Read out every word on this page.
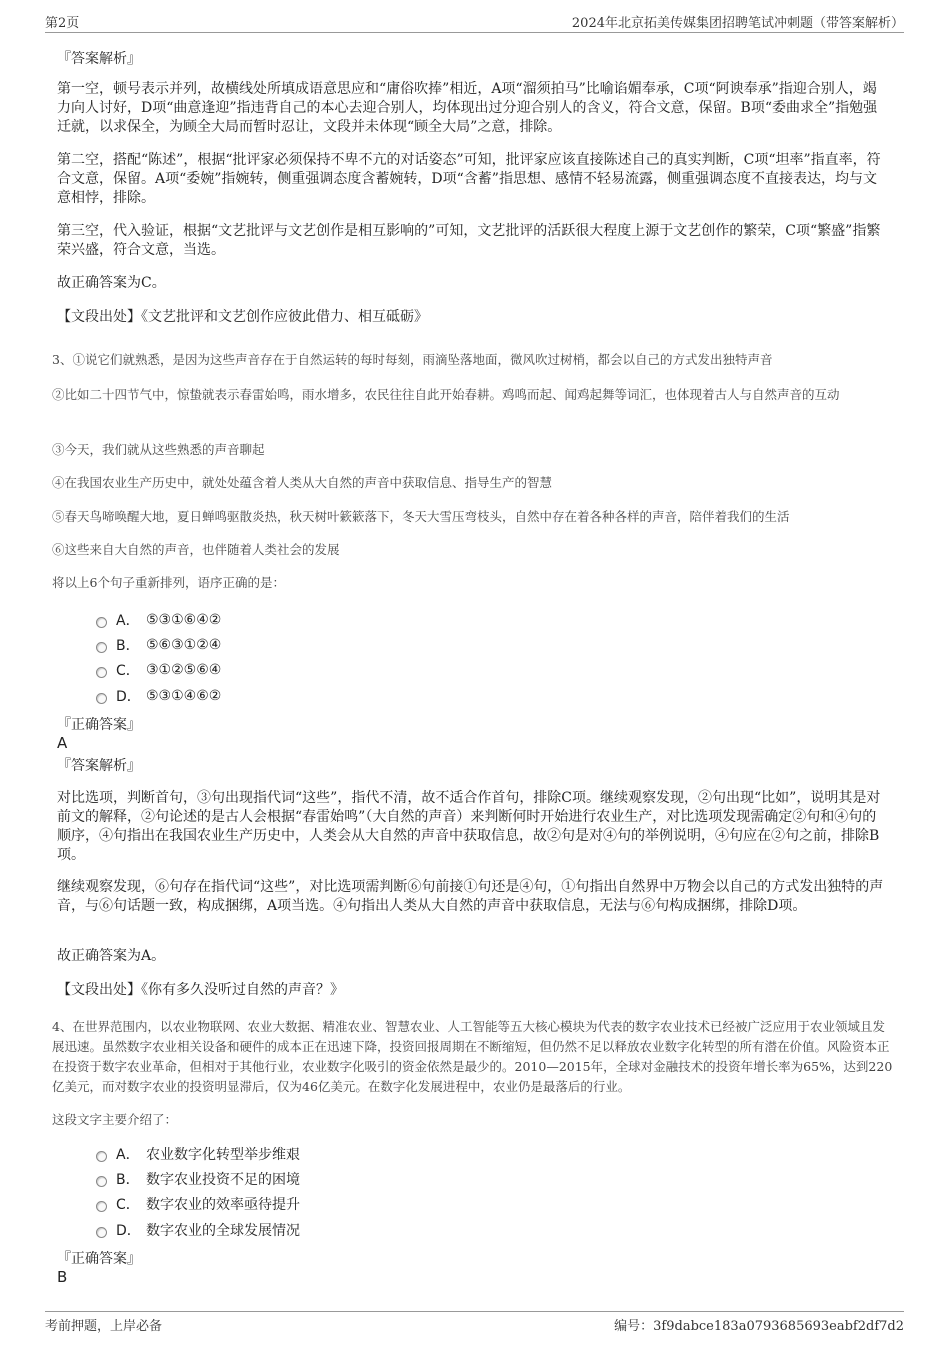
第2页	2024年北京拓美传媒集团招聘笔试冲刺题（带答案解析）
『答案解析』
第一空，顿号表示并列，故横线处所填成语意思应和“庸俗吹捧”相近，A项“溜须拍马”比喻谄媚奉承，C项“阿谀奉承”指迎合别人，竭力向人讨好，D项“曲意逢迎”指违背自己的本心去迎合别人，均体现出过分迎合别人的含义，符合文意，保留。B项“委曲求全”指勉强迁就，以求保全，为顾全大局而暂时忍让，文段并未体现“顾全大局”之意，排除。
第二空，搭配“陈述”，根据“批评家必须保持不卑不亢的对话姿态”可知，批评家应该直接陈述自己的真实判断，C项“坦率”指直率，符合文意，保留。A项“委婉”指婉转，侧重强调态度含蓄婉转，D项“含蓄”指思想、感情不轻易流露，侧重强调态度不直接表达，均与文意相悖，排除。
第三空，代入验证，根据“文艺批评与文艺创作是相互影响的”可知，文艺批评的活跃很大程度上源于文艺创作的繁荣，C项“繁盛”指繁荣兴盛，符合文意，当选。
故正确答案为C。
【文段出处】《文艺批评和文艺创作应彼此借力、相互砥砺》
3、①说它们就熟悉，是因为这些声音存在于自然运转的每时每刻，雨滴坠落地面，微风吹过树梢，都会以自己的方式发出独特声音
②比如二十四节气中，惊蛰就表示春雷始鸣，雨水增多，农民往往自此开始春耕。鸡鸣而起、闻鸡起舞等词汇，也体现着古人与自然声音的互动
③今天，我们就从这些熟悉的声音聊起
④在我国农业生产历史中，就处处蕴含着人类从大自然的声音中获取信息、指导生产的智慧
⑤春天鸟啼唤醒大地，夏日蝉鸣驱散炎热，秋天树叶簌簌落下，冬天大雪压弯枝头，自然中存在着各种各样的声音，陪伴着我们的生活
⑥这些来自大自然的声音，也伴随着人类社会的发展
将以上6个句子重新排列，语序正确的是：
A． ⑤③①⑥④②
B． ⑤⑥③①②④
C． ③①②⑤⑥④
D． ⑤③①④⑥②
『正确答案』
A
『答案解析』
对比选项，判断首句，③句出现指代词“这些”，指代不清，故不适合作首句，排除C项。继续观察发现，②句出现“比如”，说明其是对前文的解释，②句论述的是古人会根据“春雷始鸣”（大自然的声音）来判断何时开始进行农业生产，对比选项发现需确定②句和④句的顺序，④句指出在我国农业生产历史中，人类会从大自然的声音中获取信息，故②句是对④句的举例说明，④句应在②句之前，排除B项。
继续观察发现，⑥句存在指代词“这些”，对比选项需判断⑥句前接①句还是④句，①句指出自然界中万物会以自己的方式发出独特的声音，与⑥句话题一致，构成捆绑，A项当选。④句指出人类从大自然的声音中获取信息，无法与⑥句构成捆绑，排除D项。
故正确答案为A。
【文段出处】《你有多久没听过自然的声音？》
4、在世界范围内，以农业物联网、农业大数据、精准农业、智慧农业、人工智能等五大核心模块为代表的数字农业技术已经被广泛应用于农业领域且发展迅速。虽然数字农业相关设备和硬件的成本正在迅速下降，投资回报周期在不断缩短，但仍然不足以释放农业数字化转型的所有潜在价值。风险资本正在投资于数字农业革命，但相对于其他行业，农业数字化吸引的资金依然是最少的。2010—2015年，全球对金融技术的投资年增长率为65%，达到220亿美元，而对数字农业的投资明显滞后，仅为46亿美元。在数字化发展进程中，农业仍是最落后的行业。
这段文字主要介绍了：
A． 农业数字化转型举步维艰
B． 数字农业投资不足的困境
C． 数字农业的效率亟待提升
D． 数字农业的全球发展情况
『正确答案』
B
考前押题，上岸必备	编号：3f9dabce183a0793685693eabf2df7d2
